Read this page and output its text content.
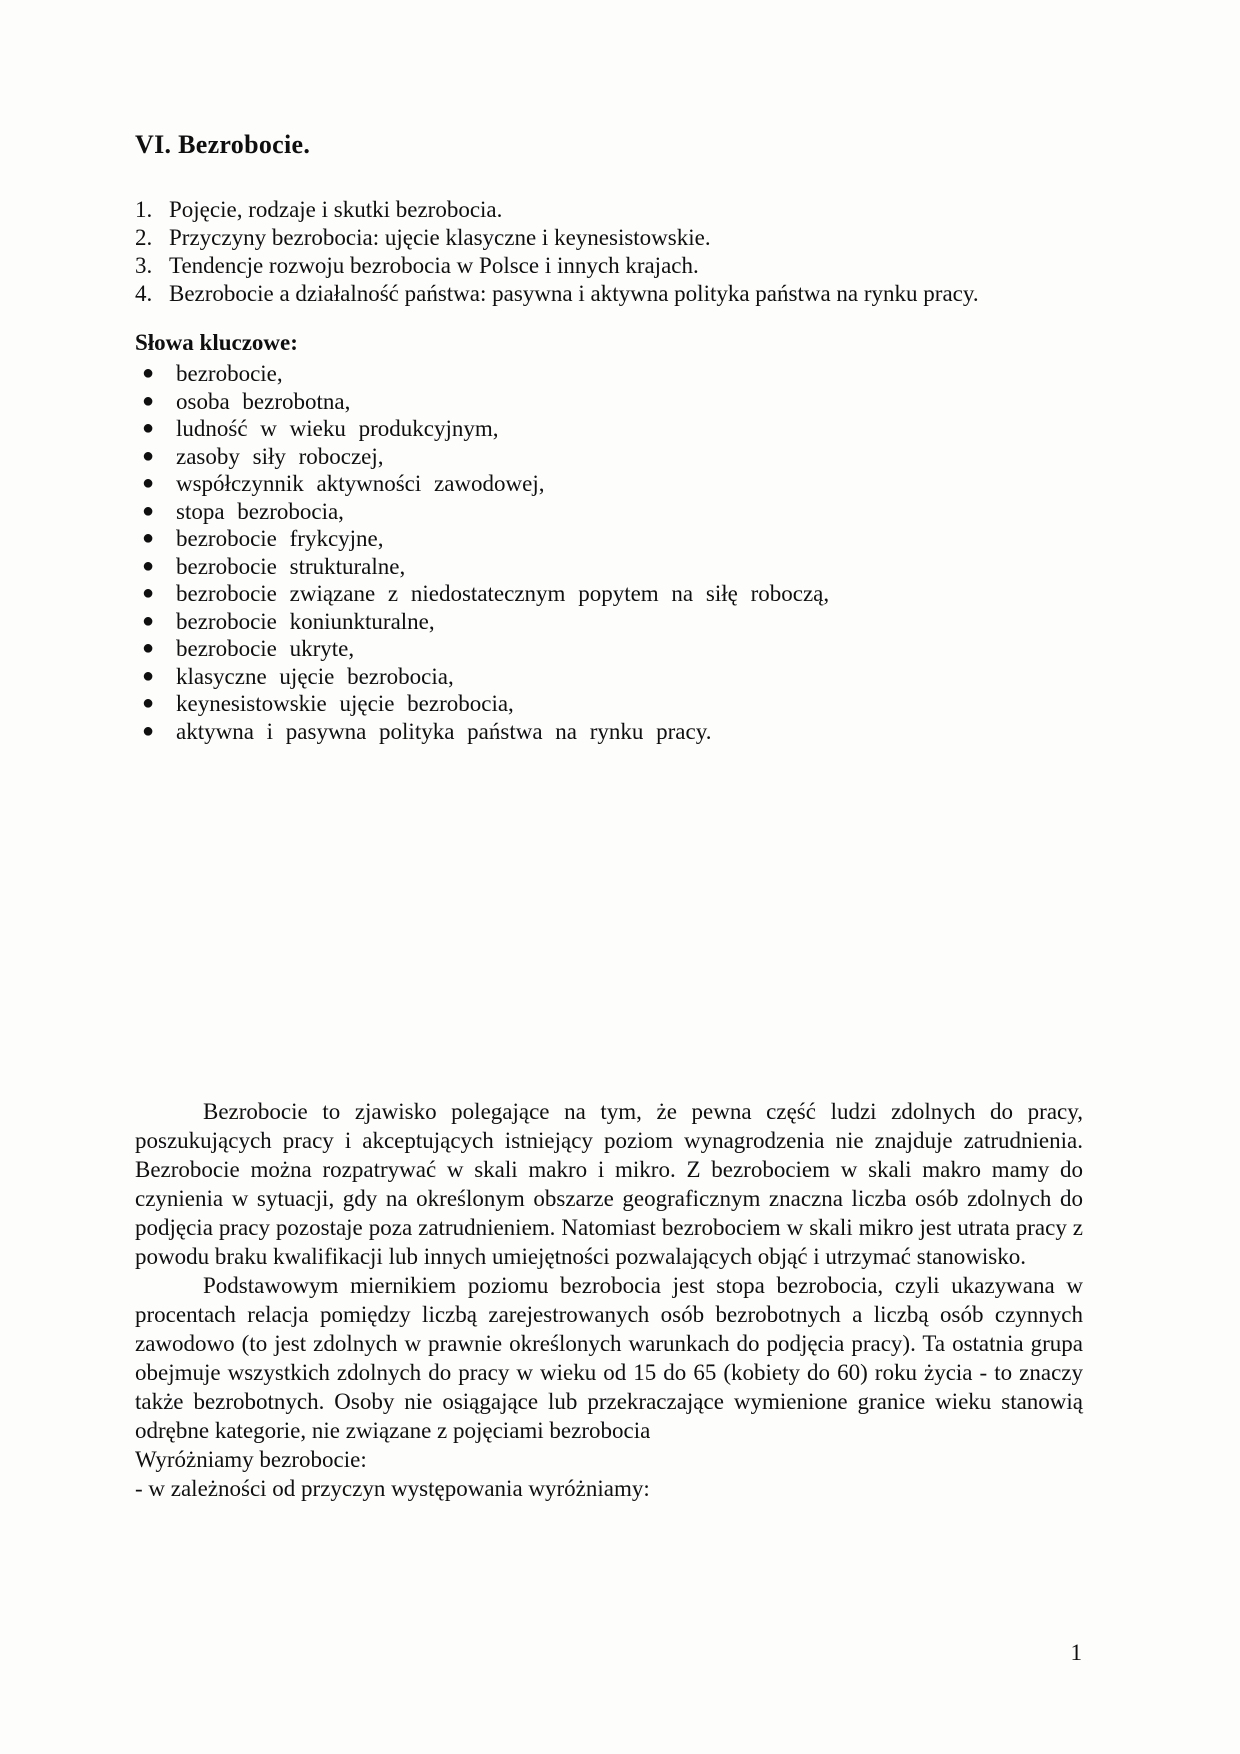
VI. Bezrobocie.
1. Pojęcie, rodzaje i skutki bezrobocia.
2. Przyczyny bezrobocia: ujęcie klasyczne i keynesistowskie.
3. Tendencje rozwoju bezrobocia w Polsce i innych krajach.
4. Bezrobocie a działalność państwa: pasywna i aktywna polityka państwa na rynku pracy.
Słowa kluczowe:
● bezrobocie,
● osoba bezrobotna,
● ludność w wieku produkcyjnym,
● zasoby siły roboczej,
● współczynnik aktywności zawodowej,
● stopa bezrobocia,
● bezrobocie frykcyjne,
● bezrobocie strukturalne,
● bezrobocie związane z niedostatecznym popytem na siłę roboczą,
● bezrobocie koniunkturalne,
● bezrobocie ukryte,
● klasyczne ujęcie bezrobocia,
● keynesistowskie ujęcie bezrobocia,
● aktywna i pasywna polityka państwa na rynku pracy.

Bezrobocie to zjawisko polegające na tym, że pewna część ludzi zdolnych do pracy, poszukujących pracy i akceptujących istniejący poziom wynagrodzenia nie znajduje zatrudnienia. Bezrobocie można rozpatrywać w skali makro i mikro. Z bezrobociem w skali makro mamy do czynienia w sytuacji, gdy na określonym obszarze geograficznym znaczna liczba osób zdolnych do podjęcia pracy pozostaje poza zatrudnieniem. Natomiast bezrobociem w skali mikro jest utrata pracy z powodu braku kwalifikacji lub innych umiejętności pozwalających objąć i utrzymać stanowisko.

Podstawowym miernikiem poziomu bezrobocia jest stopa bezrobocia, czyli ukazywana w procentach relacja pomiędzy liczbą zarejestrowanych osób bezrobotnych a liczbą osób czynnych zawodowo (to jest zdolnych w prawnie określonych warunkach do podjęcia pracy). Ta ostatnia grupa obejmuje wszystkich zdolnych do pracy w wieku od 15 do 65 (kobiety do 60) roku życia - to znaczy także bezrobotnych. Osoby nie osiągające lub przekraczające wymienione granice wieku stanowią odrębne kategorie, nie związane z pojęciami bezrobocia

Wyróżniamy bezrobocie:
- w zależności od przyczyn występowania wyróżniamy:
1
